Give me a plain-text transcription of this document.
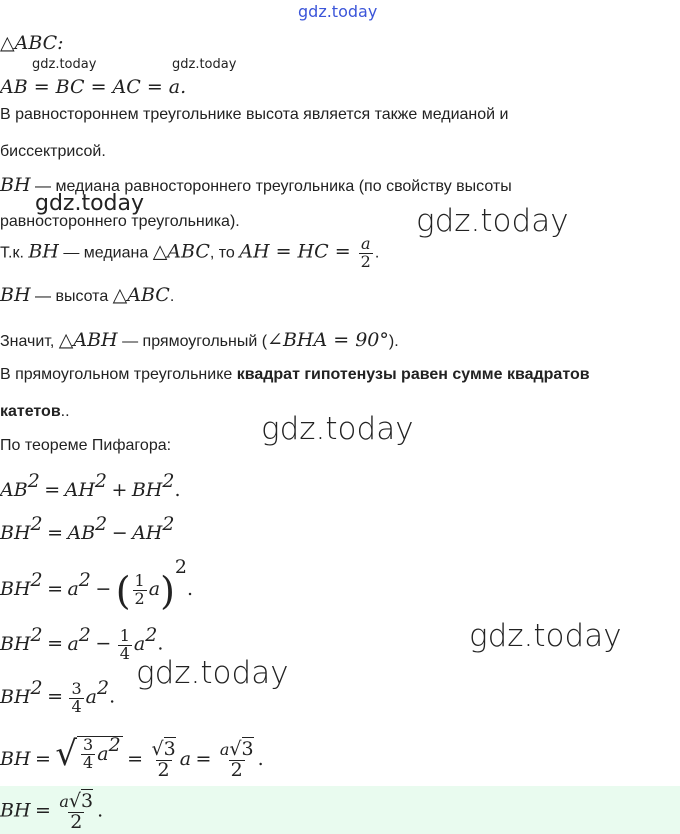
gdz.today
gdz.today	gdz.today
gdz.today	gdz.today
gdz.today
gdz.today
gdz.today
△ABC:
AB = BC = AC = a.
В равностороннем треугольнике высота является также медианой и
биссектрисой.
BH — медиана равностороннего треугольника (по свойству высоты
равностороннего треугольника).
Т.к. BH — медиана △ABC, то AH = HC = $\frac{a}{2}$ .
BH — высота △ABC.
Значит, △ABH — прямоугольный (∠BHA = 90°).
В прямоугольном треугольнике квадрат гипотенузы равен сумме квадратов
катетов..
По теореме Пифагора:
$AB^2 = AH^2 + BH^2$.
$BH^2 = AB^2 - AH^2$
$BH^2 = a^2$ − ( $\frac{1}{2} a)^2$.
$BH^2 = a^2 - \frac{1}{4} a^2$.
$BH^2 = \frac{3}{4} a^2$.
BH = √ $\frac{3}{4} a^2$
= $\frac{√3}{2}$ $a = \frac{a√3}{2}$ .
BH = $\frac{a√3}{2}$ .
